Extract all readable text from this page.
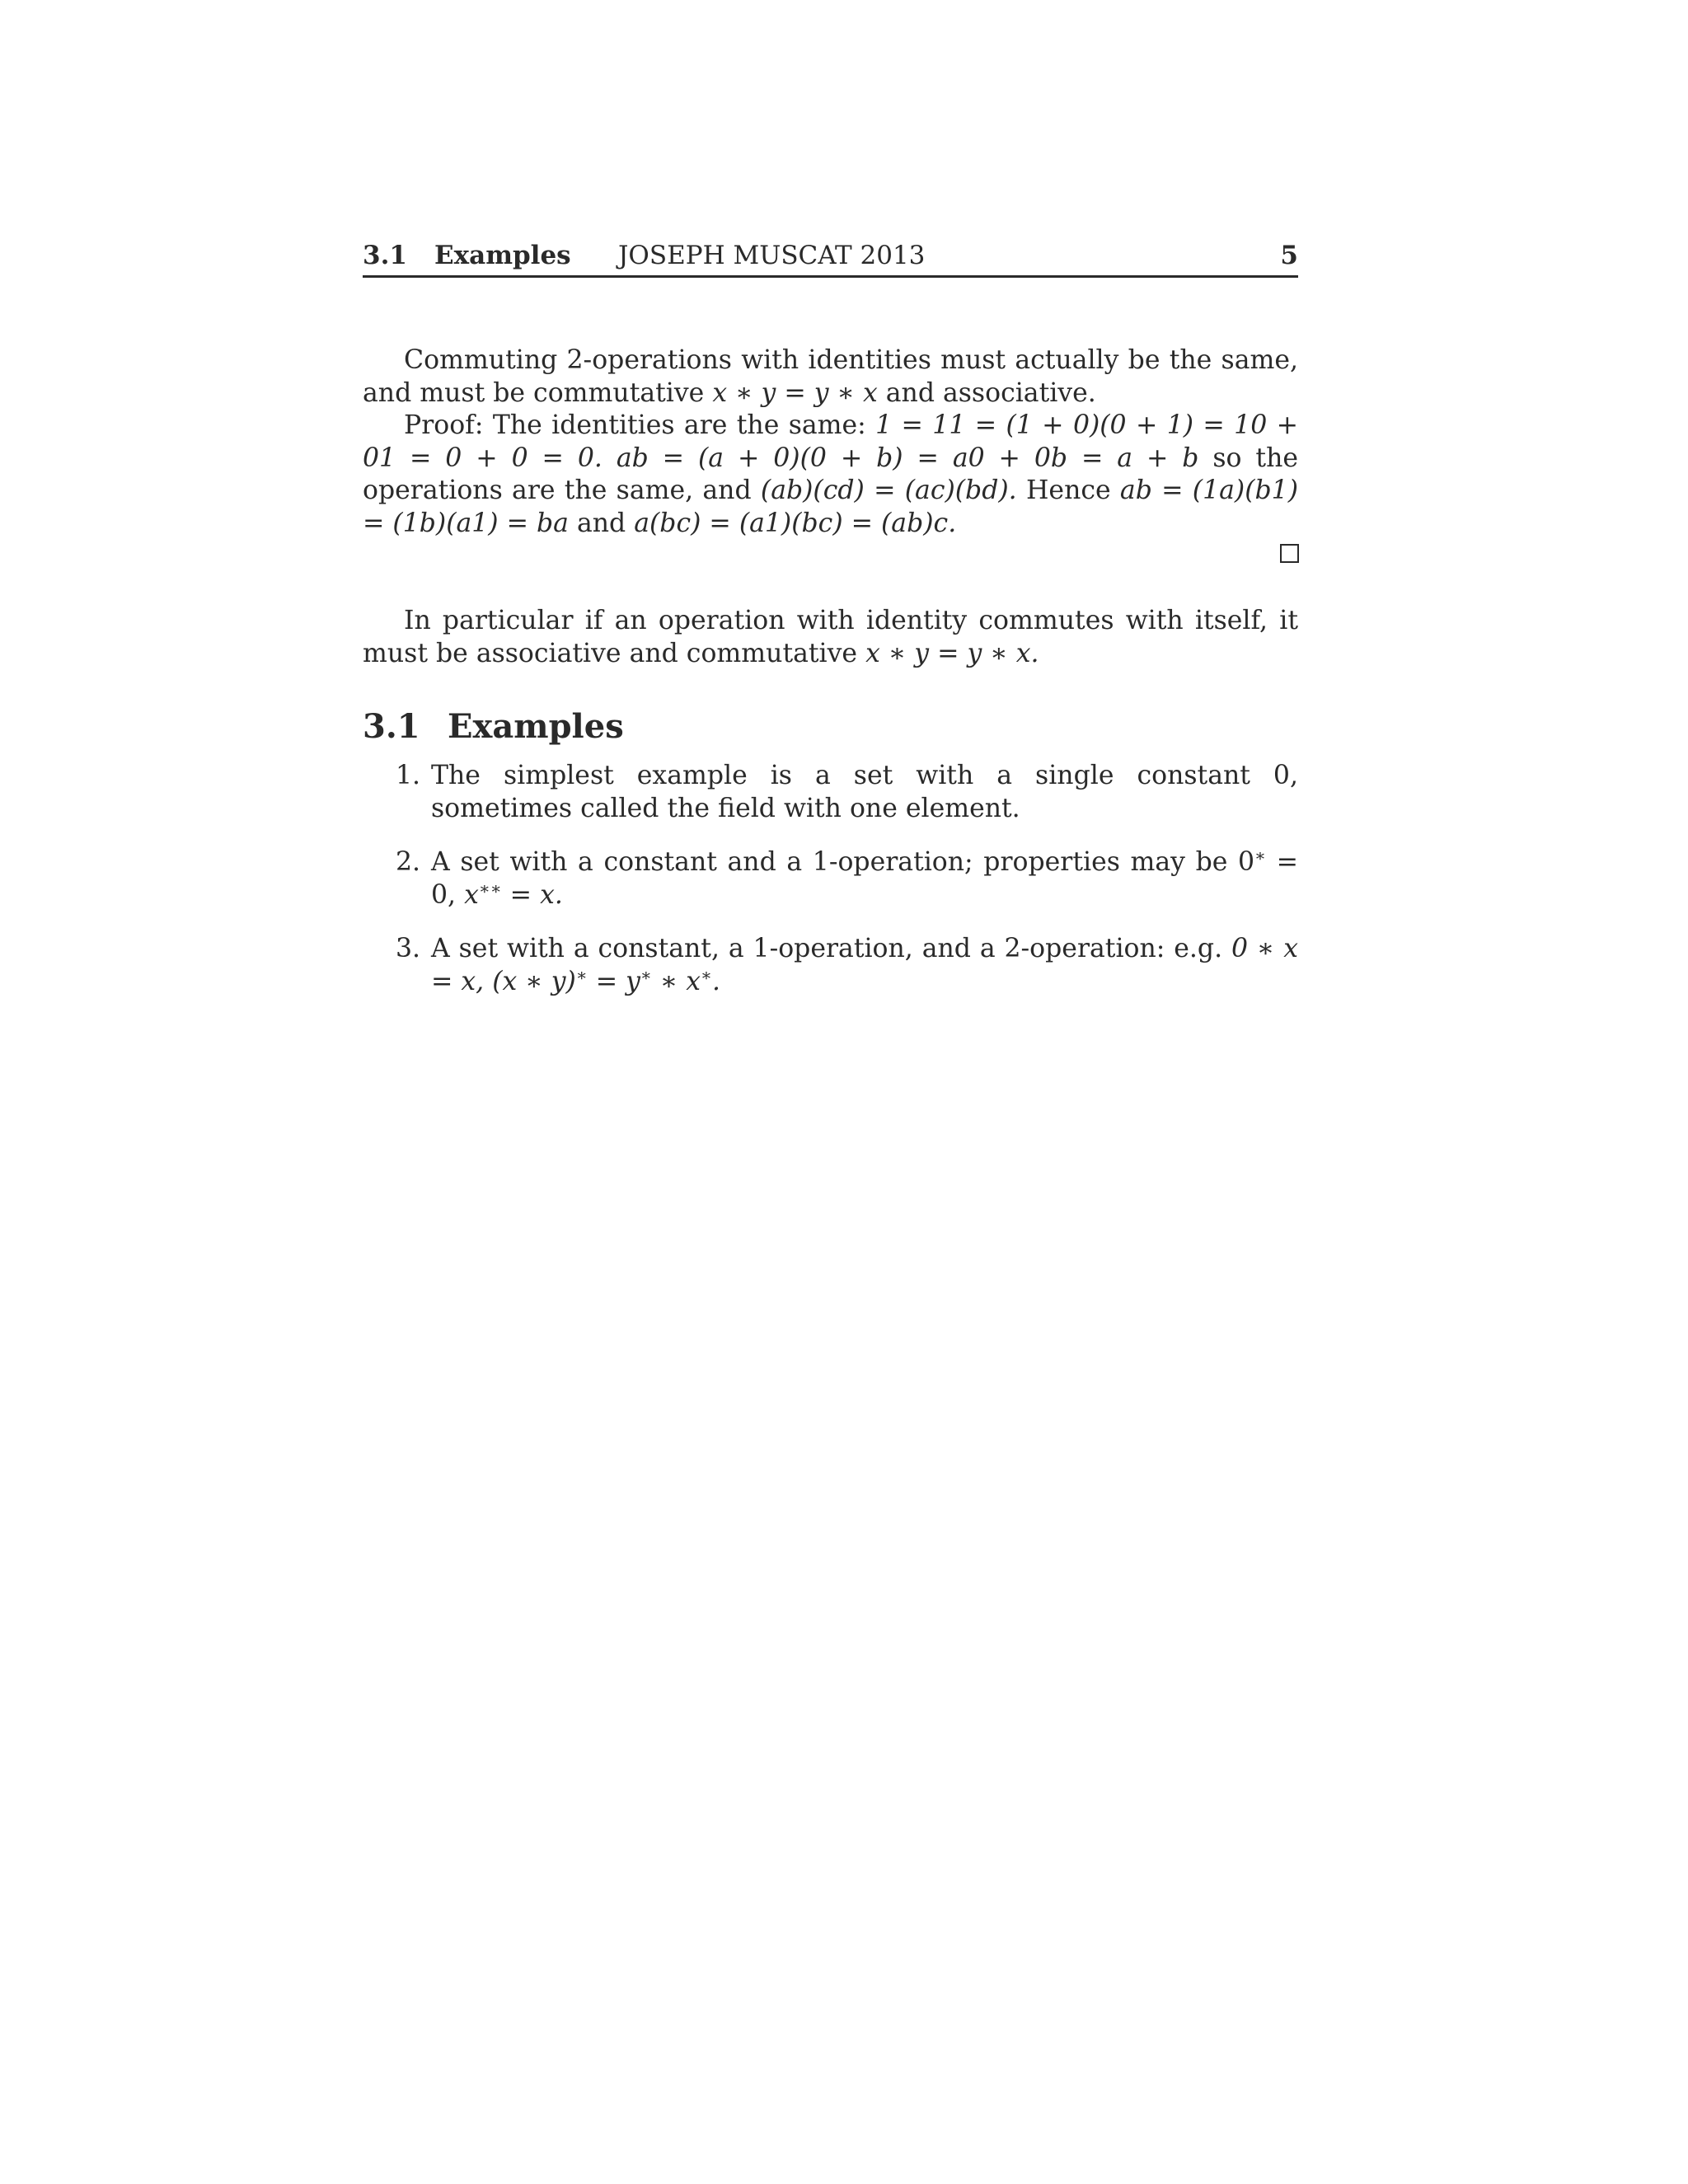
3.1 Examples JOSEPH MUSCAT 2013	5

Commuting 2-operations with identities must actually be the same, and must be commutative x ∗ y = y ∗ x and associative.

Proof: The identities are the same: 1 = 11 = (1 + 0)(0 + 1) = 10 + 01 = 0 + 0 = 0. ab = (a + 0)(0 + b) = a0 + 0b = a + b so the operations are the same, and (ab)(cd) = (ac)(bd). Hence ab = (1a)(b1) = (1b)(a1) = ba and a(bc) = (a1)(bc) = (ab)c.

In particular if an operation with identity commutes with itself, it must be associative and commutative x ∗ y = y ∗ x.

3.1 Examples
1. The simplest example is a set with a single constant 0, sometimes called the field with one element.
2. A set with a constant and a 1-operation; properties may be 0∗ = 0, x∗∗ = x.
3. A set with a constant, a 1-operation, and a 2-operation: e.g. 0 ∗ x = x, (x ∗ y)∗ = y∗ ∗ x∗.
